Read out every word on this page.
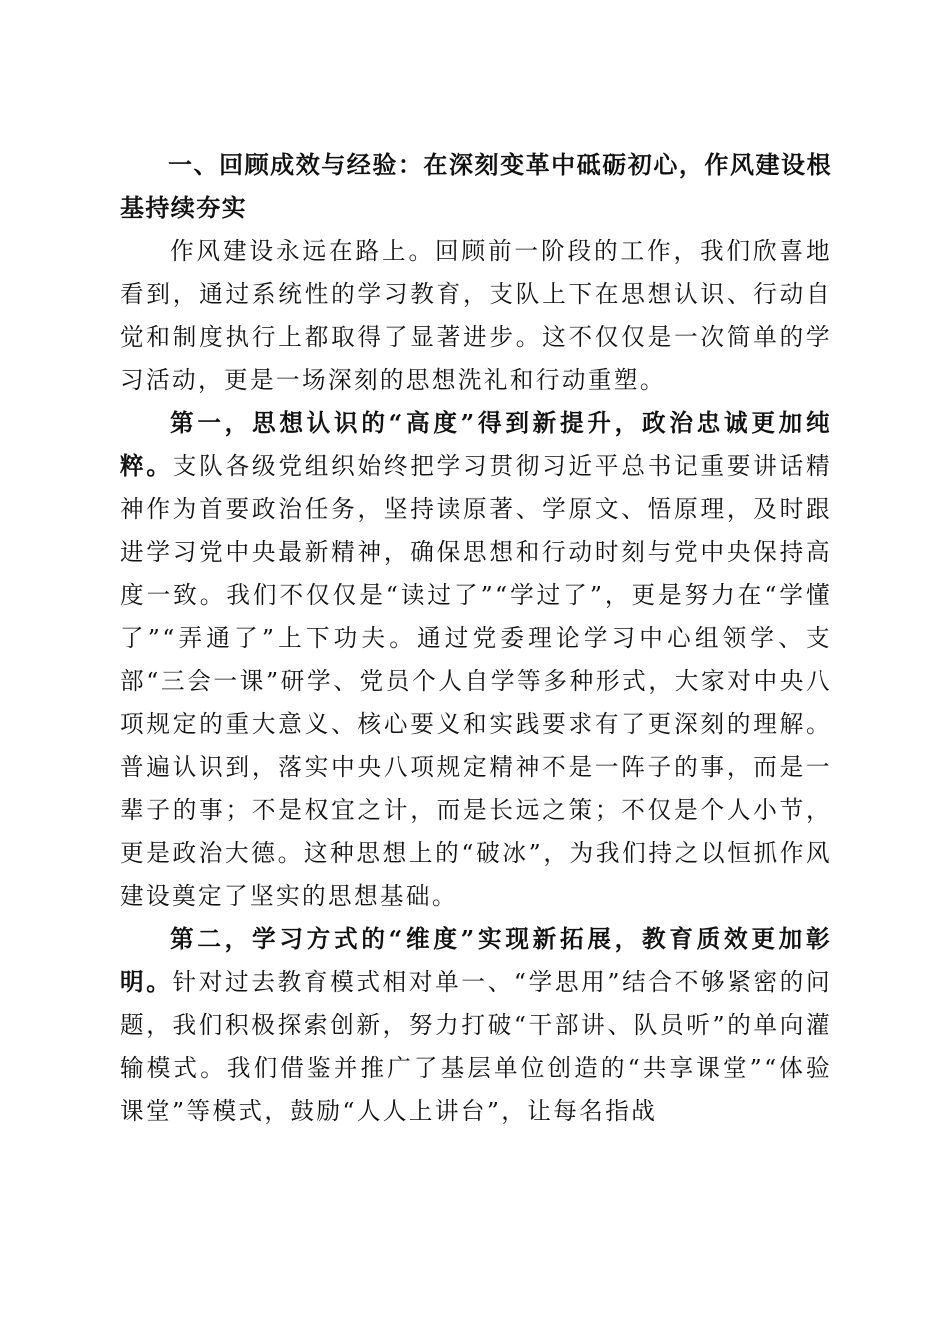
一、回顾成效与经验：在深刻变革中砥砺初心，作风建设根基持续夯实

作风建设永远在路上。回顾前一阶段的工作，我们欣喜地看到，通过系统性的学习教育，支队上下在思想认识、行动自觉和制度执行上都取得了显著进步。这不仅仅是一次简单的学习活动，更是一场深刻的思想洗礼和行动重塑。

第一，思想认识的“高度”得到新提升，政治忠诚更加纯粹。支队各级党组织始终把学习贯彻习近平总书记重要讲话精神作为首要政治任务，坚持读原著、学原文、悟原理，及时跟进学习党中央最新精神，确保思想和行动时刻与党中央保持高度一致。我们不仅仅是“读过了”“学过了”，更是努力在“学懂了”“弄通了”上下功夫。通过党委理论学习中心组领学、支部“三会一课”研学、党员个人自学等多种形式，大家对中央八项规定的重大意义、核心要义和实践要求有了更深刻的理解。普遍认识到，落实中央八项规定精神不是一阵子的事，而是一辈子的事；不是权宜之计，而是长远之策；不仅是个人小节，更是政治大德。这种思想上的“破冰”，为我们持之以恒抓作风建设奠定了坚实的思想基础。

第二，学习方式的“维度”实现新拓展，教育质效更加彰明。针对过去教育模式相对单一、“学思用”结合不够紧密的问题，我们积极探索创新，努力打破“干部讲、队员听”的单向灌输模式。我们借鉴并推广了基层单位创造的“共享课堂”“体验课堂”等模式，鼓励“人人上讲台”，让每名指战
